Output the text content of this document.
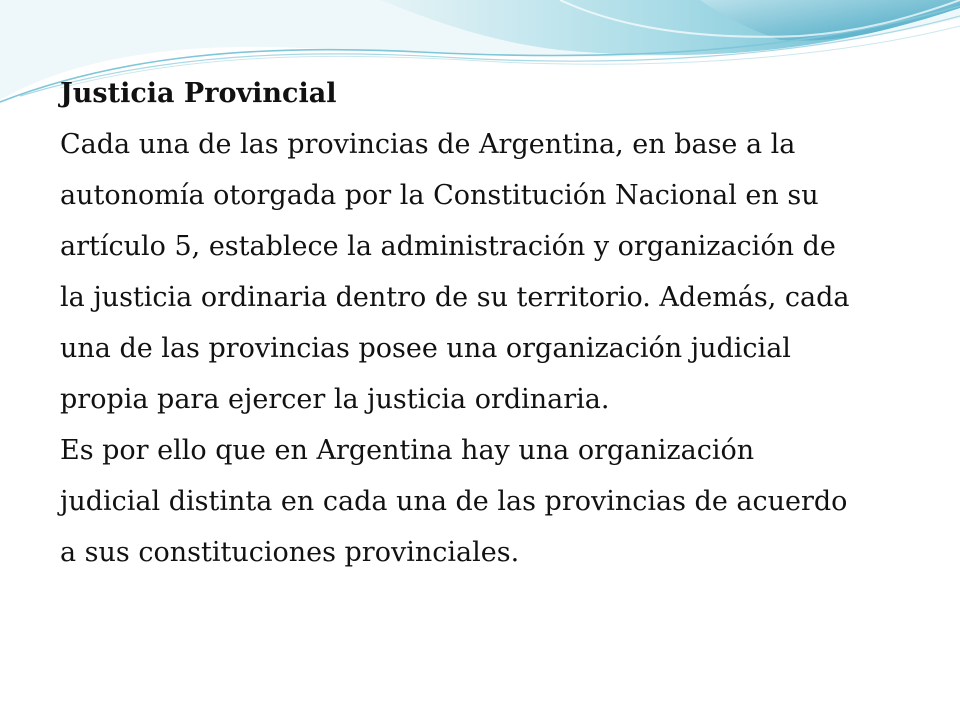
Justicia Provincial
Cada una de las provincias de Argentina, en base a la
autonomía otorgada por la Constitución Nacional en su
artículo 5, establece la administración y organización de
la justicia ordinaria dentro de su territorio. Además, cada
una de las provincias posee una organización judicial
propia para ejercer la justicia ordinaria.
Es por ello que en Argentina hay una organización
judicial distinta en cada una de las provincias de acuerdo
a sus constituciones provinciales.
